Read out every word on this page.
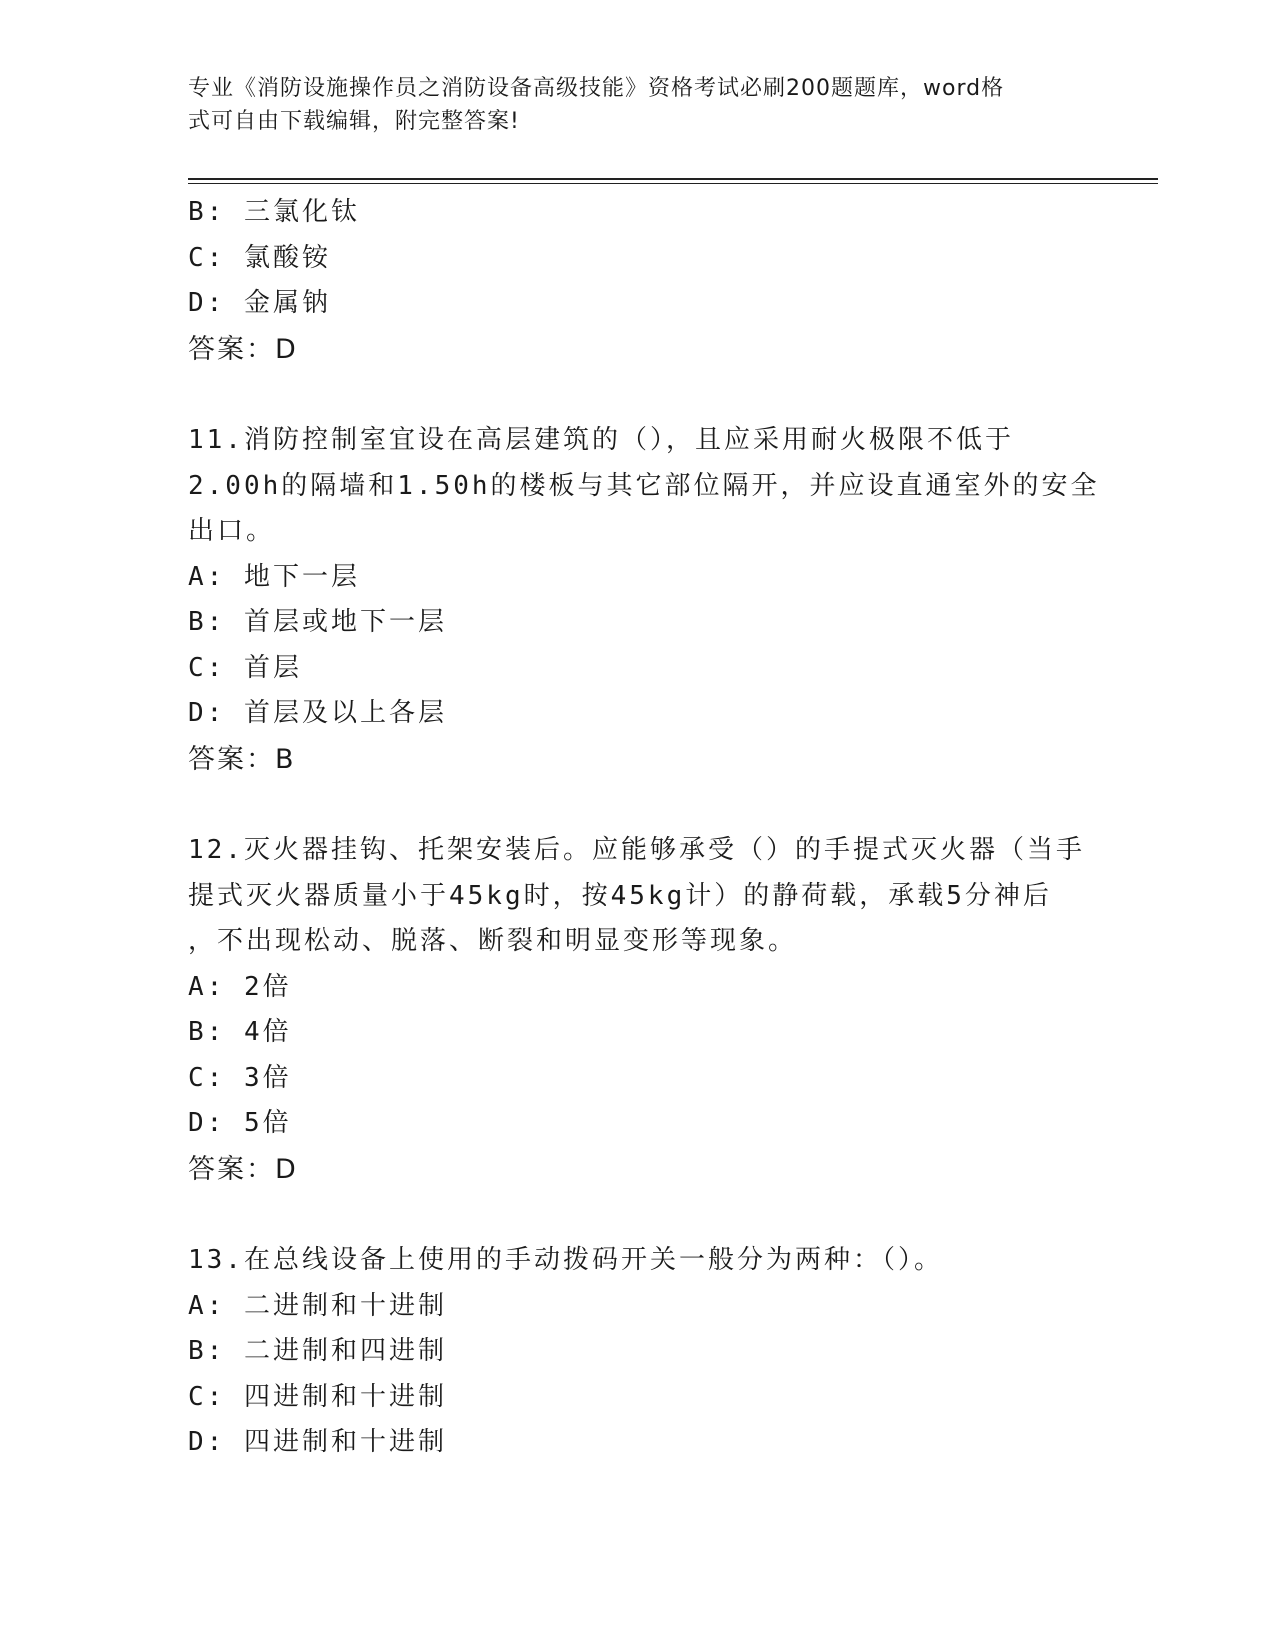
专业《消防设施操作员之消防设备高级技能》资格考试必刷200题题库，word格
式可自由下载编辑，附完整答案!
B: 三氯化钛
C: 氯酸铵
D: 金属钠
答案：D
11.消防控制室宜设在高层建筑的（），且应采用耐火极限不低于
2.00h的隔墙和1.50h的楼板与其它部位隔开，并应设直通室外的安全
出口。
A: 地下一层
B: 首层或地下一层
C: 首层
D: 首层及以上各层
答案：B
12.灭火器挂钩、托架安装后。应能够承受（）的手提式灭火器（当手
提式灭火器质量小于45kg时，按45kg计）的静荷载，承载5分神后
，不出现松动、脱落、断裂和明显变形等现象。
A: 2倍
B: 4倍
C: 3倍
D: 5倍
答案：D
13.在总线设备上使用的手动拨码开关一般分为两种：（）。
A: 二进制和十进制
B: 二进制和四进制
C: 四进制和十进制
D: 四进制和十进制
